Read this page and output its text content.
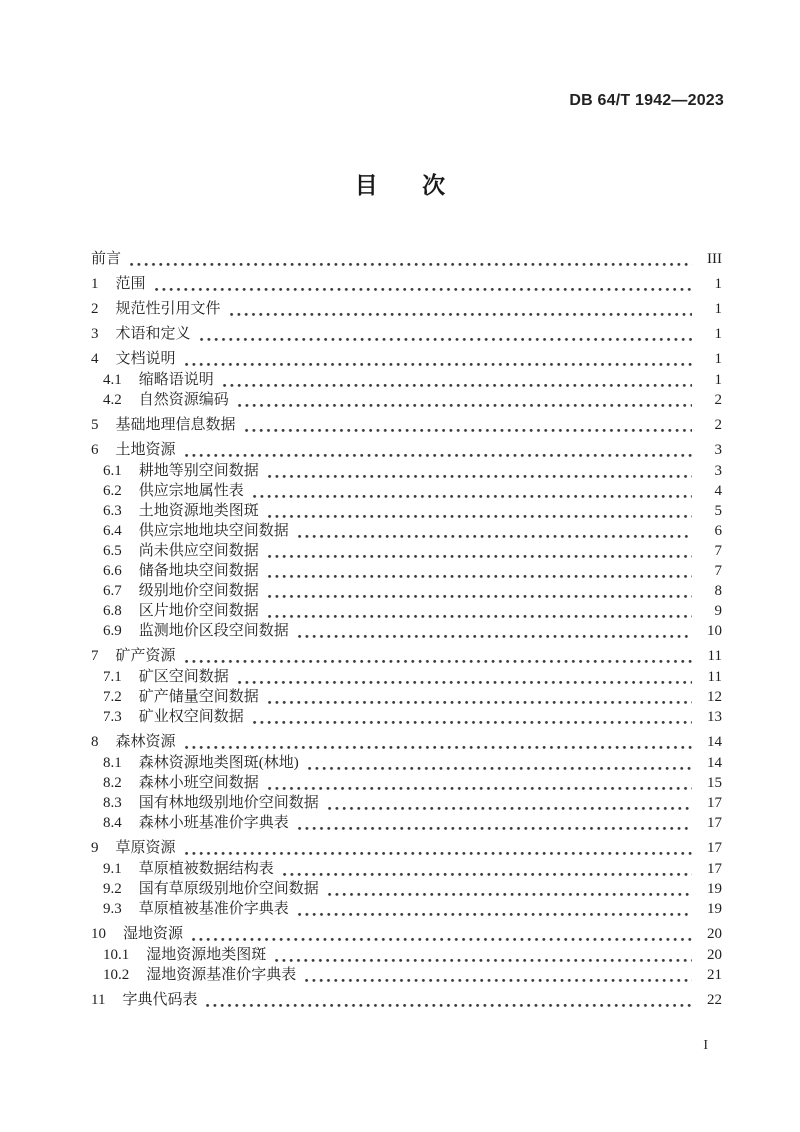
DB 64/T 1942—2023
目 次
前言	III
1 范围	1
2 规范性引用文件	1
3 术语和定义	1
4 文档说明	1
4.1 缩略语说明	1
4.2 自然资源编码	2
5 基础地理信息数据	2
6 土地资源	3
6.1 耕地等别空间数据	3
6.2 供应宗地属性表	4
6.3 土地资源地类图斑	5
6.4 供应宗地地块空间数据	6
6.5 尚未供应空间数据	7
6.6 储备地块空间数据	7
6.7 级别地价空间数据	8
6.8 区片地价空间数据	9
6.9 监测地价区段空间数据	10
7 矿产资源	11
7.1 矿区空间数据	11
7.2 矿产储量空间数据	12
7.3 矿业权空间数据	13
8 森林资源	14
8.1 森林资源地类图斑(林地)	14
8.2 森林小班空间数据	15
8.3 国有林地级别地价空间数据	17
8.4 森林小班基准价字典表	17
9 草原资源	17
9.1 草原植被数据结构表	17
9.2 国有草原级别地价空间数据	19
9.3 草原植被基准价字典表	19
10 湿地资源	20
10.1 湿地资源地类图斑	20
10.2 湿地资源基准价字典表	21
11 字典代码表	22
I
